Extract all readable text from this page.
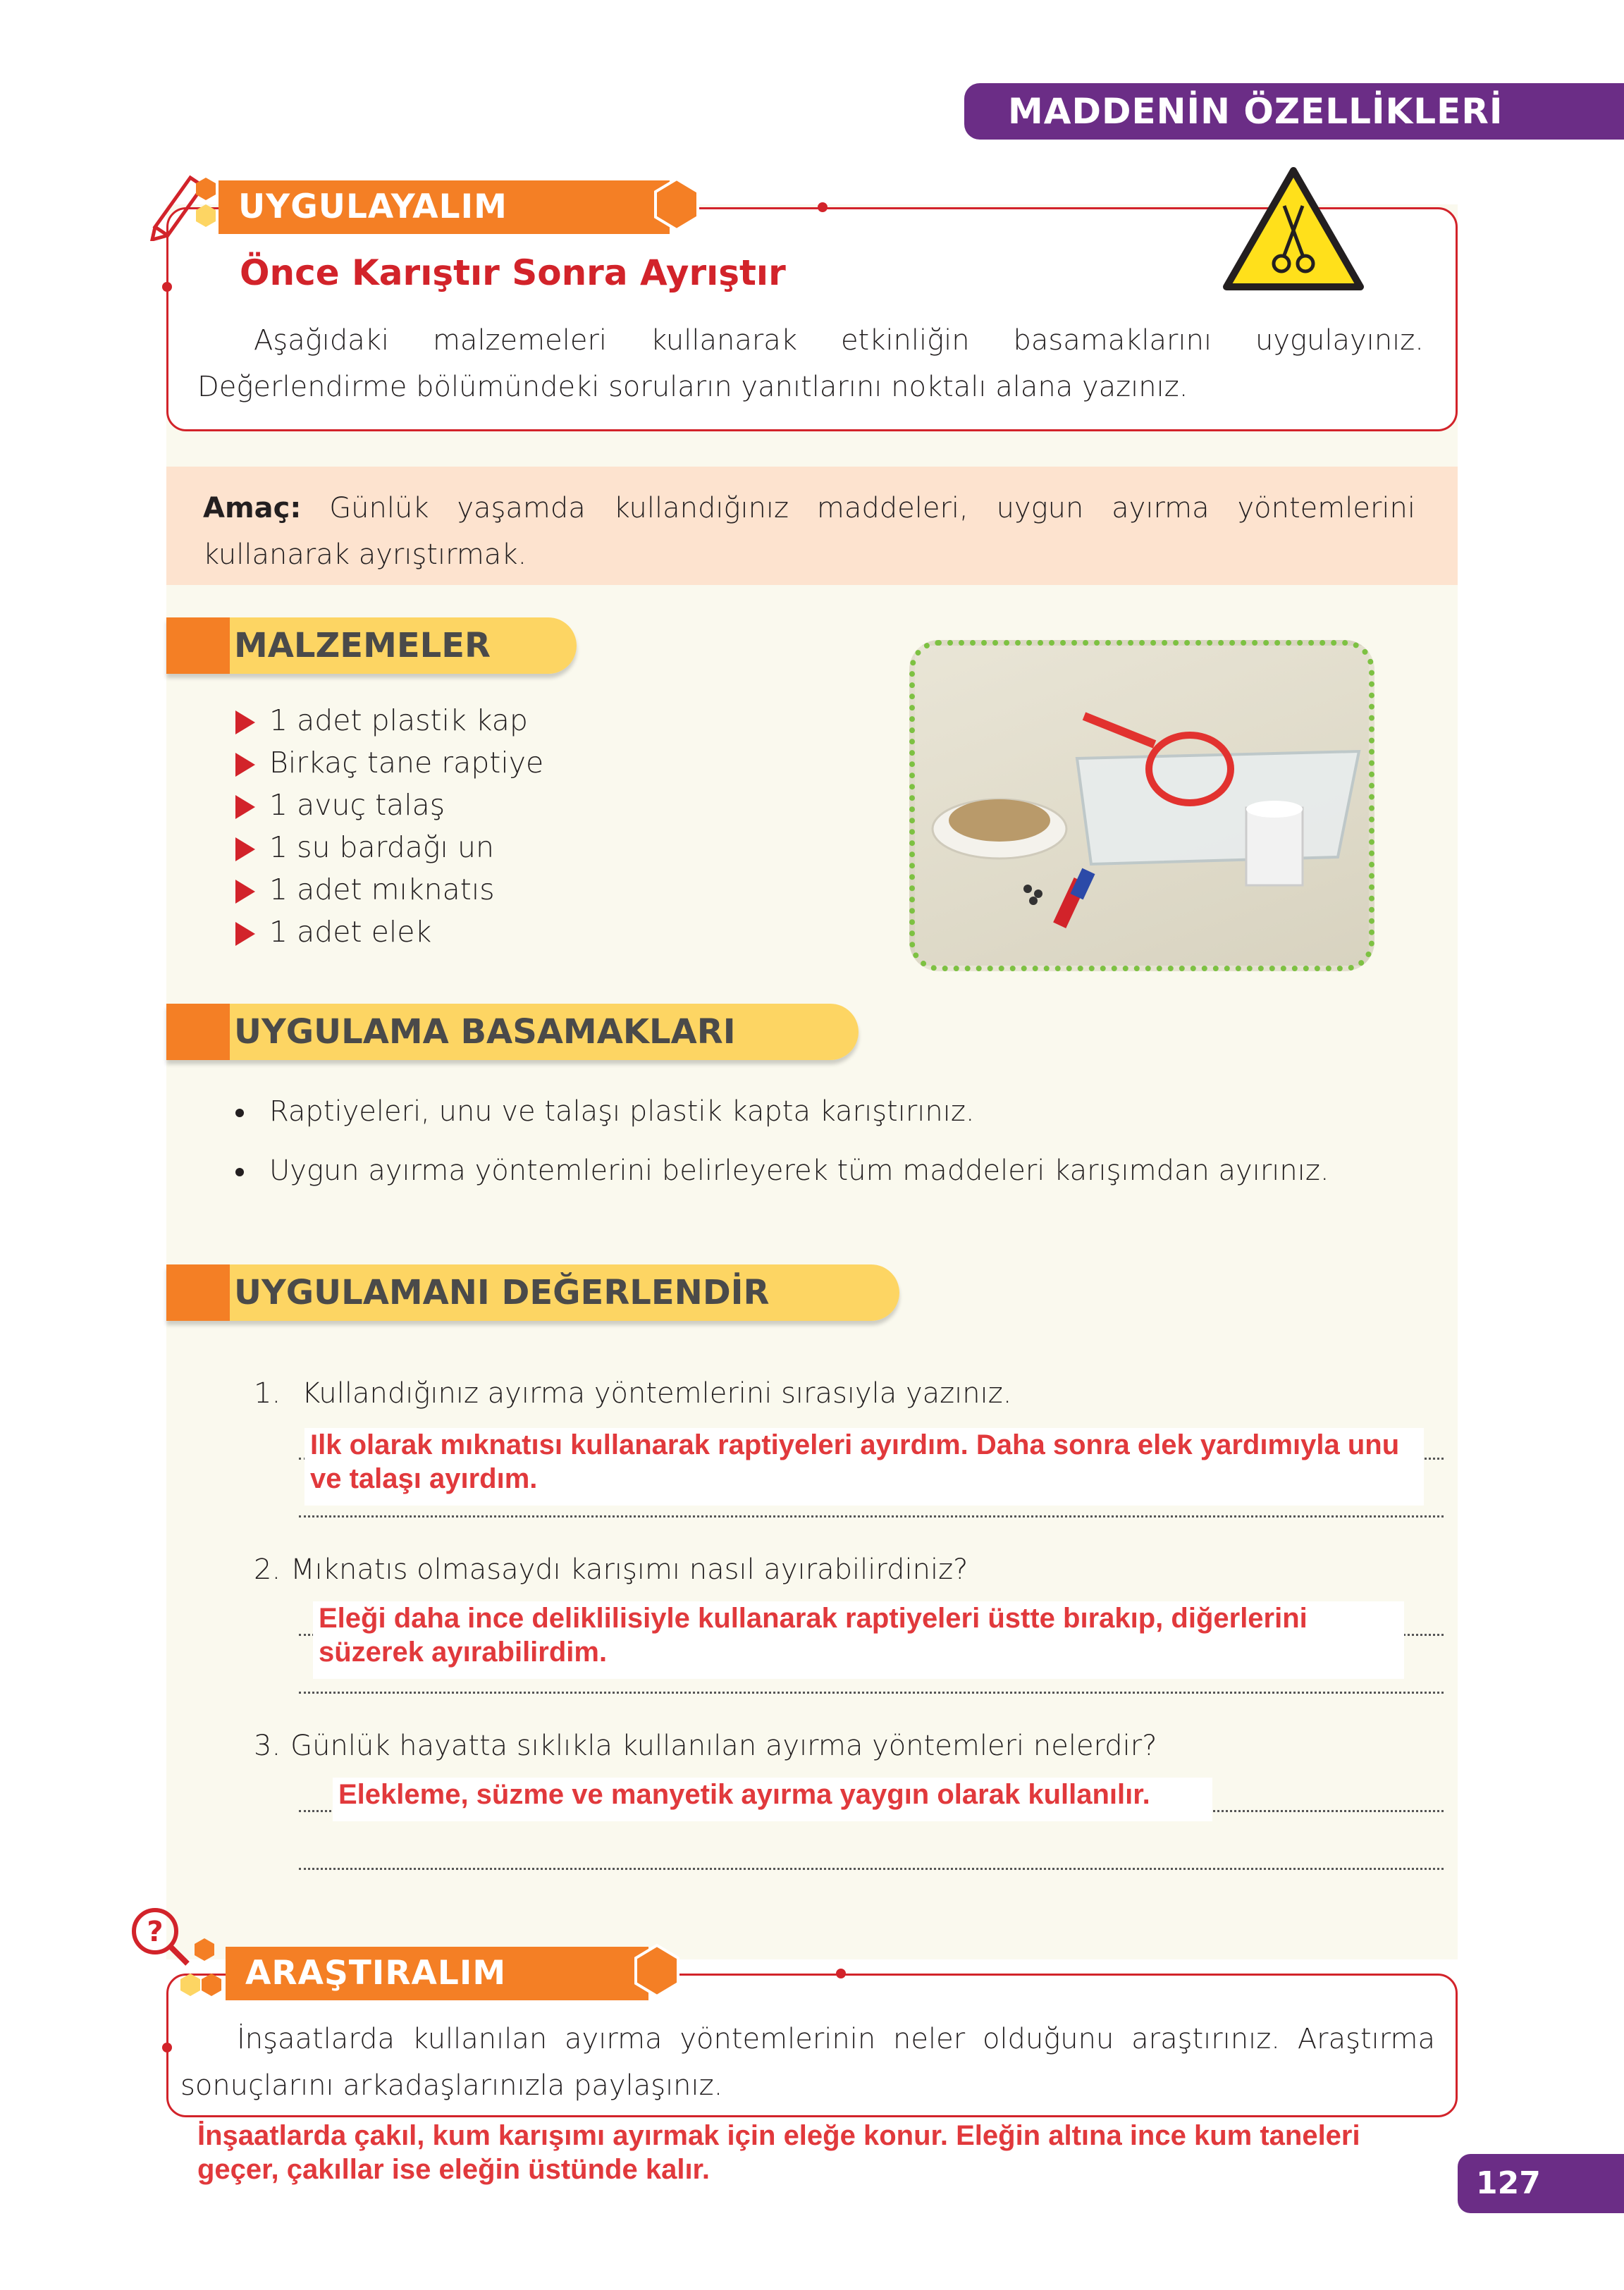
MADDENİN ÖZELLİKLERİ
UYGULAYALIM
Önce Karıştır Sonra Ayrıştır
Aşağıdaki malzemeleri kullanarak etkinliğin basamaklarını uygulayınız. Değerlendirme bölümündeki soruların yanıtlarını noktalı alana yazınız.
Amaç: Günlük yaşamda kullandığınız maddeleri, uygun ayırma yöntemlerini kullanarak ayrıştırmak.
MALZEMELER
1 adet plastik kap
Birkaç tane raptiye
1 avuç talaş
1 su bardağı un
1 adet mıknatıs
1 adet elek
UYGULAMA BASAMAKLARI
Raptiyeleri, unu ve talaşı plastik kapta karıştırınız.
Uygun ayırma yöntemlerini belirleyerek tüm maddeleri karışımdan ayırınız.
UYGULAMANI DEĞERLENDİR
1. Kullandığınız ayırma yöntemlerini sırasıyla yazınız.
Ilk olarak mıknatısı kullanarak raptiyeleri ayırdım. Daha sonra elek yardımıyla unu ve talaşı ayırdım.
2. Mıknatıs olmasaydı karışımı nasıl ayırabilirdiniz?
Eleği daha ince deliklilisiyle kullanarak raptiyeleri üstte bırakıp, diğerlerini süzerek ayırabilirdim.
3. Günlük hayatta sıklıkla kullanılan ayırma yöntemleri nelerdir?
Elekleme, süzme ve manyetik ayırma yaygın olarak kullanılır.
?
ARAŞTIRALIM
İnşaatlarda kullanılan ayırma yöntemlerinin neler olduğunu araştırınız. Araştırma sonuçlarını arkadaşlarınızla paylaşınız.
İnşaatlarda çakıl, kum karışımı ayırmak için eleğe konur. Eleğin altına ince kum taneleri geçer, çakıllar ise eleğin üstünde kalır.	127
